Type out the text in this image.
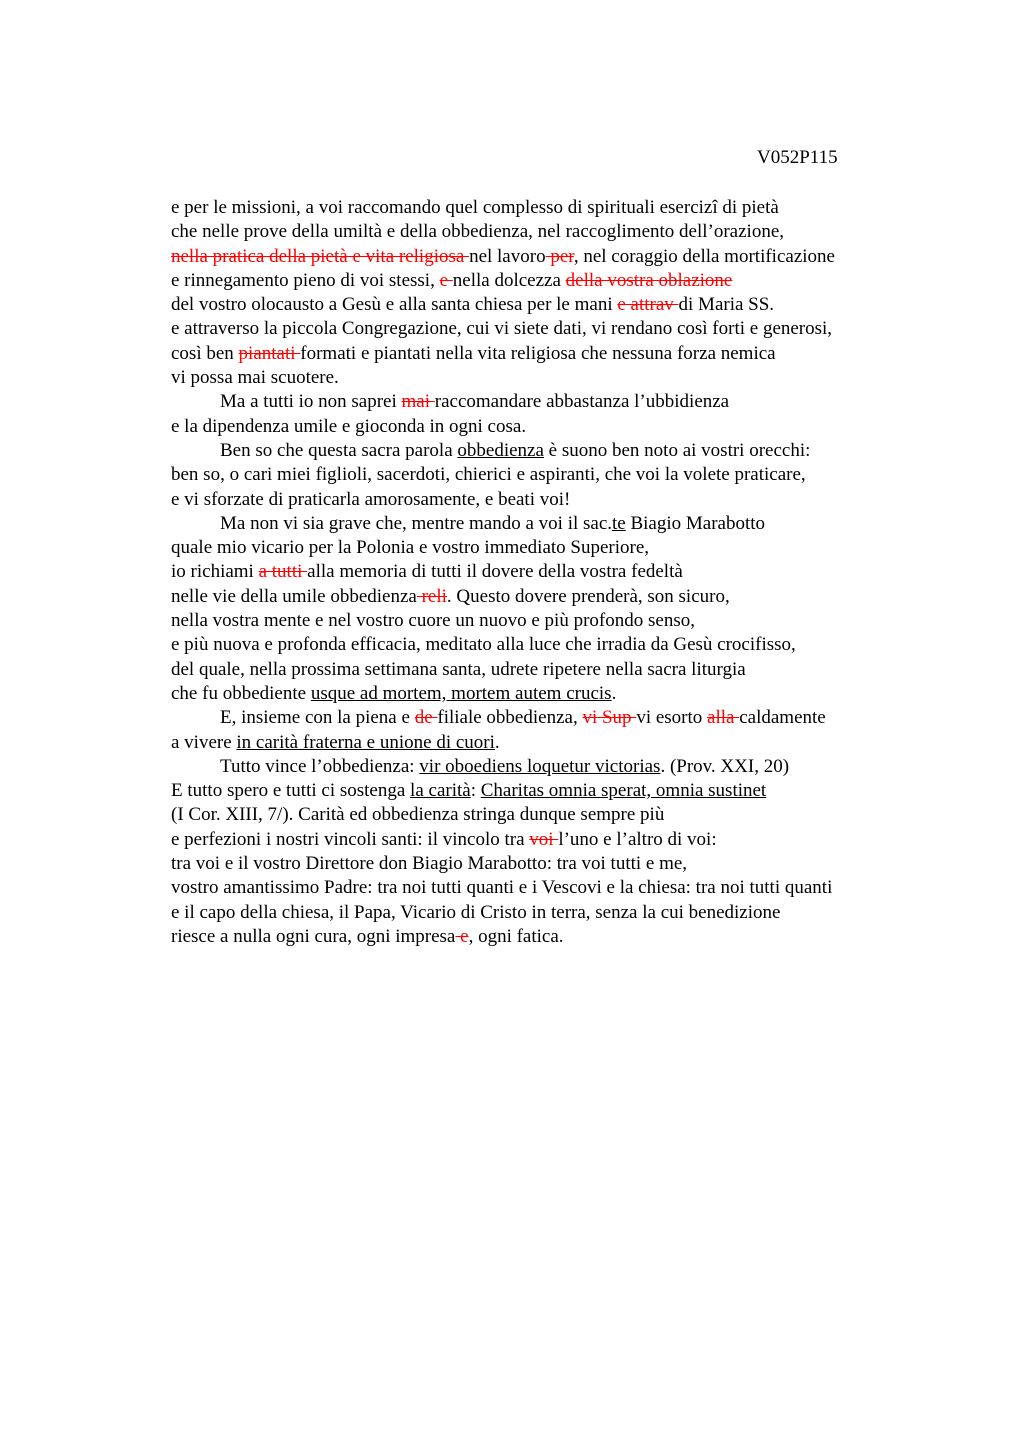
V052P115
e per le missioni, a voi raccomando quel complesso di spirituali esercizi di pietà
che nelle prove della umiltà e della obbedienza, nel raccoglimento dell’orazione,
nella pratica della pietà e vita religiosa nel lavoro per, nel coraggio della mortificazione
e rinnegamento pieno di voi stessi, e nella dolcezza della vostra oblazione
del vostro olocausto a Gesù e alla santa chiesa per le mani e attrav di Maria SS.
e attraverso la piccola Congregazione, cui vi siete dati, vi rendano così forti e generosi,
così ben piantati formati e piantati nella vita religiosa che nessuna forza nemica
vi possa mai scuotere.
Ma a tutti io non saprei mai raccomandare abbastanza l’ubbidienza
e la dipendenza umile e gioconda in ogni cosa.
Ben so che questa sacra parola obbedienza è suono ben noto ai vostri orecchi:
ben so, o cari miei figlioli, sacerdoti, chierici e aspiranti, che voi la volete praticare,
e vi sforzate di praticarla amorosamente, e beati voi!
Ma non vi sia grave che, mentre mando a voi il sac.te Biagio Marabotto
quale mio vicario per la Polonia e vostro immediato Superiore,
io richiami a tutti alla memoria di tutti il dovere della vostra fedeltà
nelle vie della umile obbedienza reli. Questo dovere prenderà, son sicuro,
nella vostra mente e nel vostro cuore un nuovo e più profondo senso,
e più nuova e profonda efficacia, meditato alla luce che irradia da Gesù crocifisso,
del quale, nella prossima settimana santa, udrete ripetere nella sacra liturgia
che fu obbediente usque ad mortem, mortem autem crucis.
E, insieme con la piena e de filiale obbedienza, vi Sup vi esorto alla caldamente
a vivere in carità fraterna e unione di cuori.
Tutto vince l’obbedienza: vir oboediens loquetur victorias. (Prov. XXI, 20)
E tutto spero e tutti ci sostenga la carità: Charitas omnia sperat, omnia sustinet
(I Cor. XIII, 7/). Carità ed obbedienza stringa dunque sempre più
e perfezioni i nostri vincoli santi: il vincolo tra voi l’uno e l’altro di voi:
tra voi e il vostro Direttore don Biagio Marabotto: tra voi tutti e me,
vostro amantissimo Padre: tra noi tutti quanti e i Vescovi e la chiesa: tra noi tutti quanti
e il capo della chiesa, il Papa, Vicario di Cristo in terra, senza la cui benedizione
riesce a nulla ogni cura, ogni impresa e, ogni fatica.
